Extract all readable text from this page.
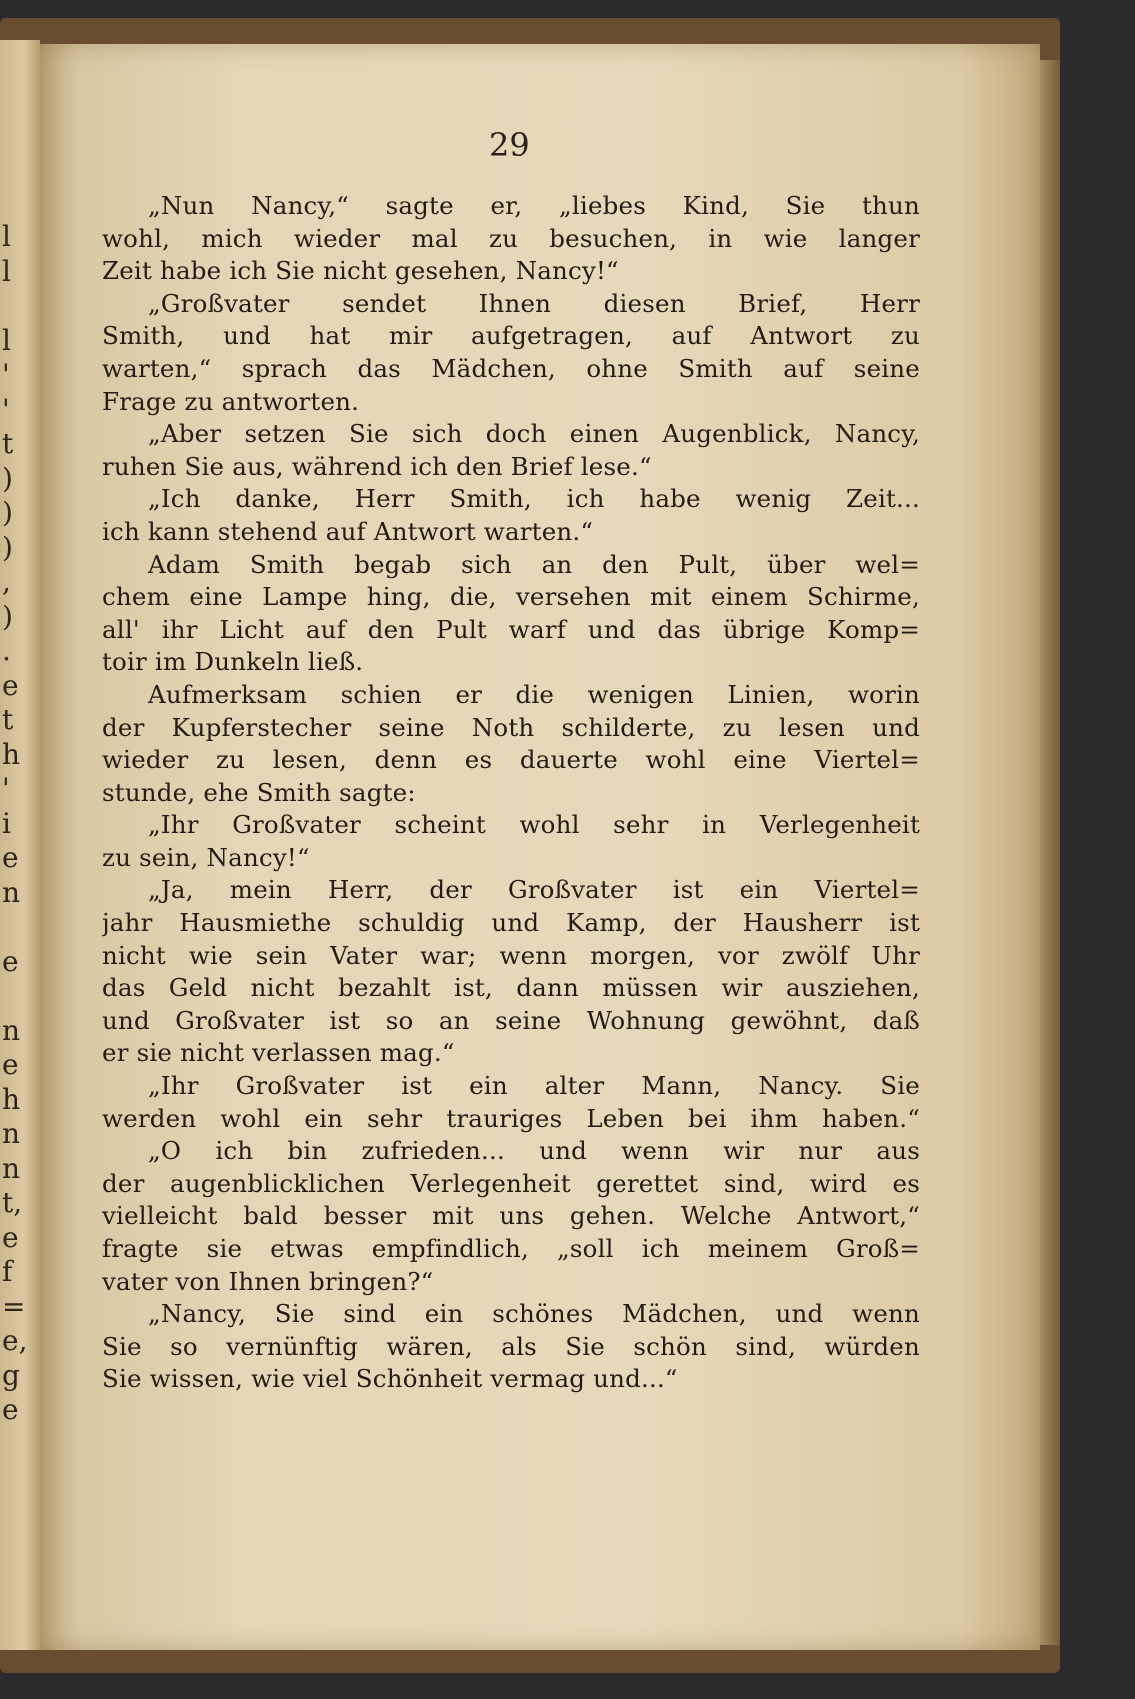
l
l

l
'
'
t
)
)
)
,
)
.
e
t
h
'
i
e
n

e

n
e
h
n
n
t,
e
f
=
e,
g
e
29
„Nun Nancy,“ sagte er, „liebes Kind, Sie thun
wohl, mich wieder mal zu besuchen, in wie langer
Zeit habe ich Sie nicht gesehen, Nancy!“
„Großvater sendet Ihnen diesen Brief, Herr
Smith, und hat mir aufgetragen, auf Antwort zu
warten,“ sprach das Mädchen, ohne Smith auf seine
Frage zu antworten.
„Aber setzen Sie sich doch einen Augenblick, Nancy,
ruhen Sie aus, während ich den Brief lese.“
„Ich danke, Herr Smith, ich habe wenig Zeit...
ich kann stehend auf Antwort warten.“
Adam Smith begab sich an den Pult, über wel=
chem eine Lampe hing, die, versehen mit einem Schirme,
all' ihr Licht auf den Pult warf und das übrige Komp=
toir im Dunkeln ließ.
Aufmerksam schien er die wenigen Linien, worin
der Kupferstecher seine Noth schilderte, zu lesen und
wieder zu lesen, denn es dauerte wohl eine Viertel=
stunde, ehe Smith sagte:
„Ihr Großvater scheint wohl sehr in Verlegenheit
zu sein, Nancy!“
„Ja, mein Herr, der Großvater ist ein Viertel=
jahr Hausmiethe schuldig und Kamp, der Hausherr ist
nicht wie sein Vater war; wenn morgen, vor zwölf Uhr
das Geld nicht bezahlt ist, dann müssen wir ausziehen,
und Großvater ist so an seine Wohnung gewöhnt, daß
er sie nicht verlassen mag.“
„Ihr Großvater ist ein alter Mann, Nancy. Sie
werden wohl ein sehr trauriges Leben bei ihm haben.“
„O ich bin zufrieden... und wenn wir nur aus
der augenblicklichen Verlegenheit gerettet sind, wird es
vielleicht bald besser mit uns gehen. Welche Antwort,“
fragte sie etwas empfindlich, „soll ich meinem Groß=
vater von Ihnen bringen?“
„Nancy, Sie sind ein schönes Mädchen, und wenn
Sie so vernünftig wären, als Sie schön sind, würden
Sie wissen, wie viel Schönheit vermag und...“
